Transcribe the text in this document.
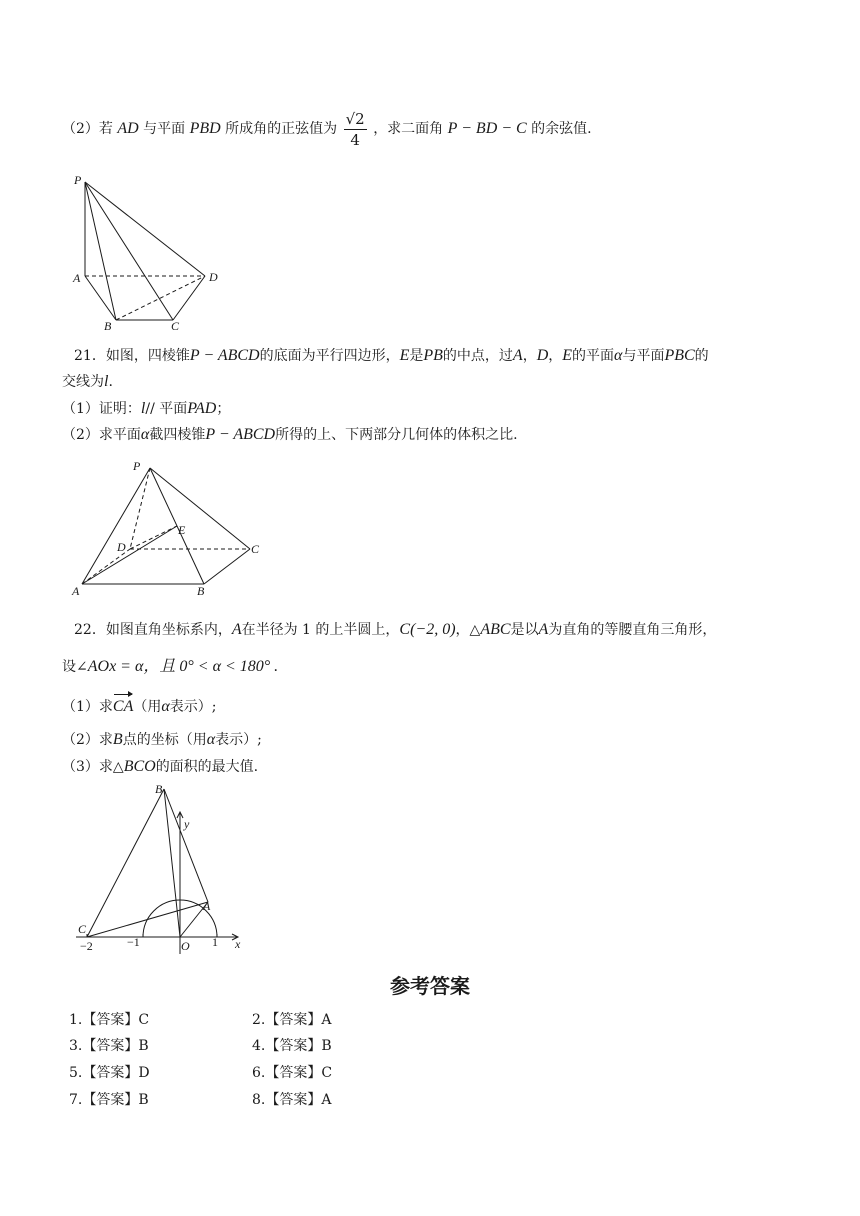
（2）若 AD 与平面 PBD 所成角的正弦值为 $\frac{√2}{4}$ ，求二面角 P − BD − C 的余弦值.
P
A	D
B	C
21．如图，四棱锥P − ABCD的底面为平行四边形，E是PB的中点，过A，D，E的平面α与平面PBC的
交线为l.
（1）证明：l// 平面PAD；
（2）求平面α截四棱锥P − ABCD所得的上、下两部分几何体的体积之比.
P
E
D	C
A	B
22．如图直角坐标系内，A在半径为 1 的上半圆上，C(−2, 0)，△ABC是以A为直角的等腰直角三角形，
设∠AOx = α，且 0° < α < 180° .
（1）求CA（用α表示）;
（2）求B点的坐标（用α表示）;
（3）求△BCO的面积的最大值.
B
y
A
C
O	x
−2	−1	1
参考答案
1.【答案】C	2.【答案】A
3.【答案】B	4.【答案】B
5.【答案】D	6.【答案】C
7.【答案】B	8.【答案】A
